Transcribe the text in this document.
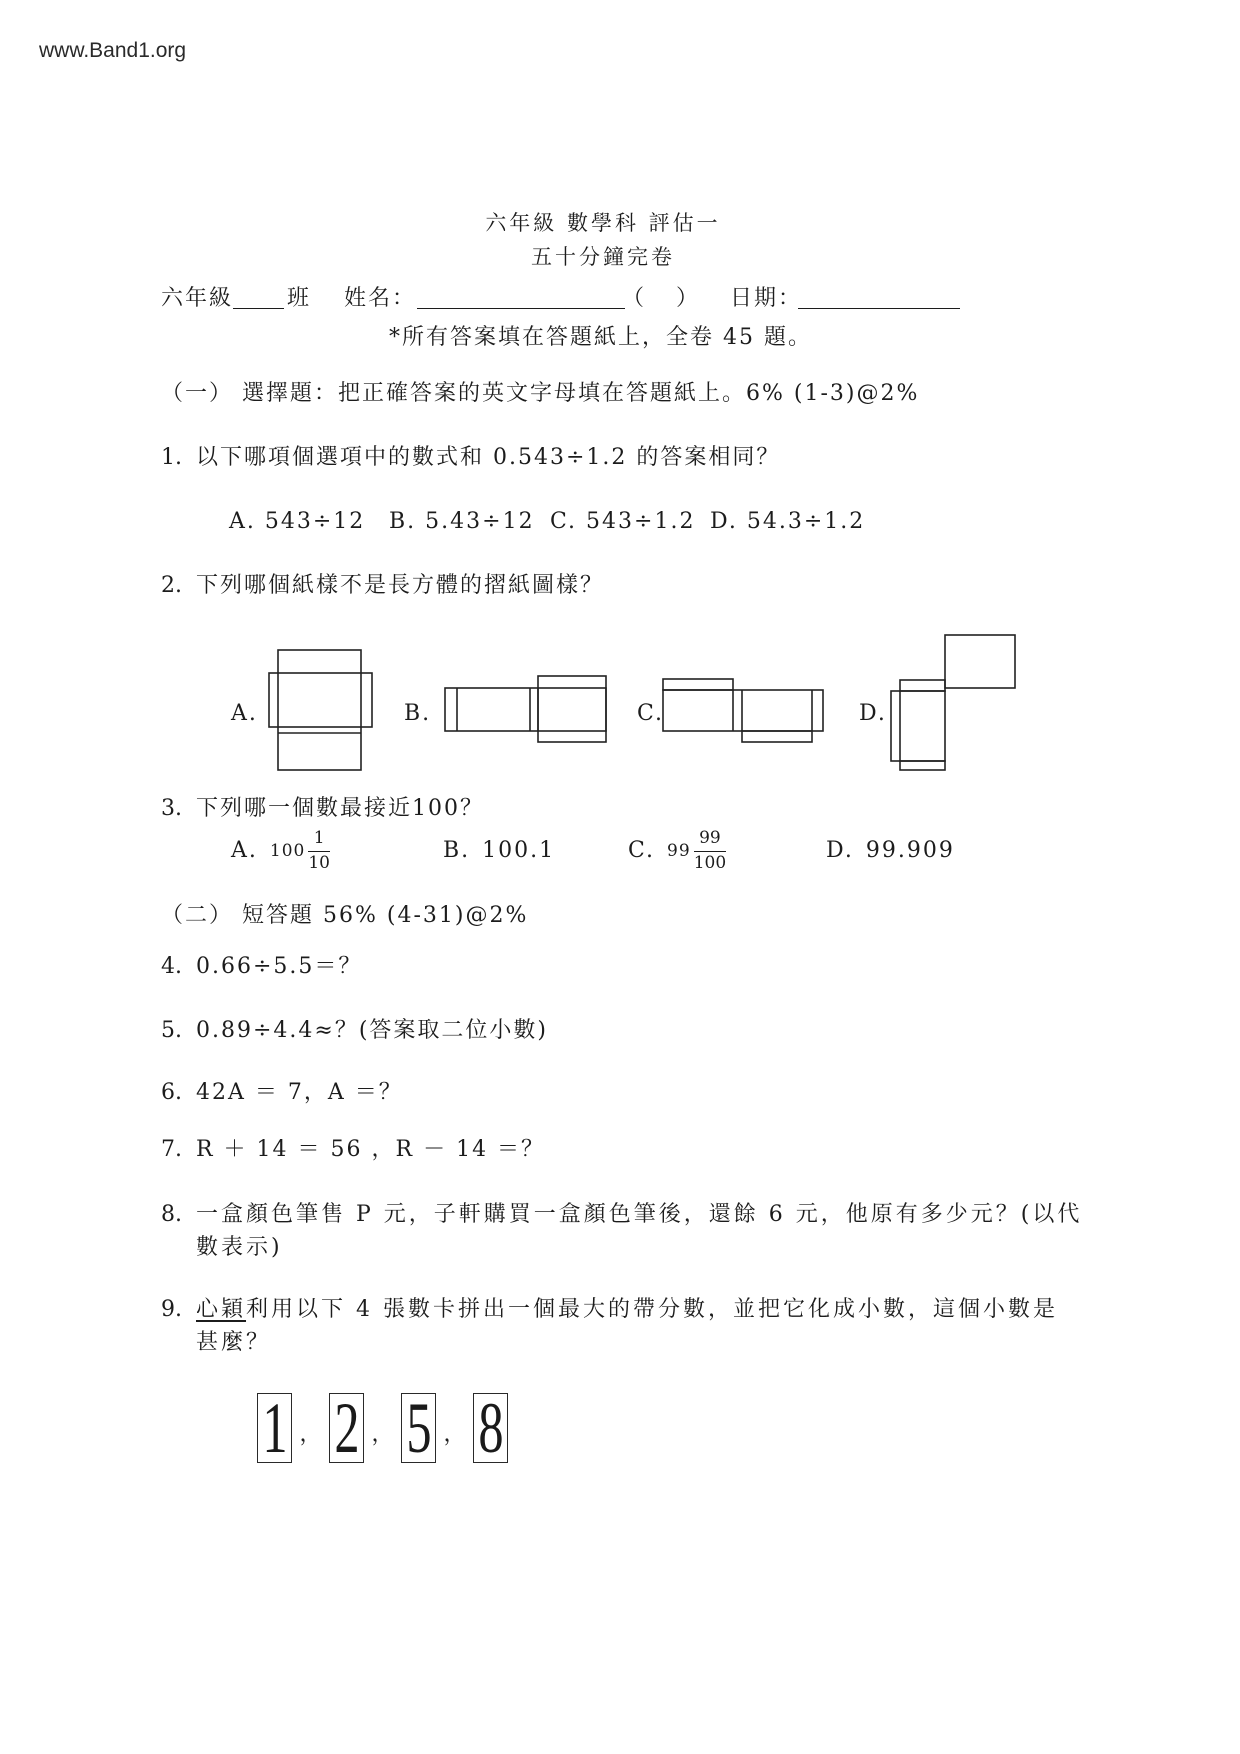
www.Band1.org
六年級 數學科 評估一
五十分鐘完卷
六年級 班 姓名：	（ ） 日期：
*所有答案填在答題紙上，全卷 45 題。
（一） 選擇題：把正確答案的英文字母填在答題紙上。6% (1-3)@2%
1. 以下哪項個選項中的數式和 0.543÷1.2 的答案相同？
A. 543÷12 B. 5.43÷12 C. 543÷1.2 D. 54.3÷1.2
2. 下列哪個紙樣不是長方體的摺紙圖樣？
A.	B.	C.	D.
3. 下列哪一個數最接近100？
A. $100 \frac{1}{10}$	B. 100.1	C. $99 \frac{99}{100}$	D. 99.909
（二） 短答題 56% (4-31)@2%
4. 0.66÷5.5＝？
5. 0.89÷4.4≈？(答案取二位小數)
6. 42A ＝ 7，A ＝？
7. R ＋ 14 ＝ 56 ，R － 14 ＝？
8. 一盒顏色筆售 P 元，子軒購買一盒顏色筆後，還餘 6 元，他原有多少元？(以代
數表示)
9. 心穎利用以下 4 張數卡拼出一個最大的帶分數，並把它化成小數，這個小數是
甚麼？
1 ， 2 ， 5 ， 8
